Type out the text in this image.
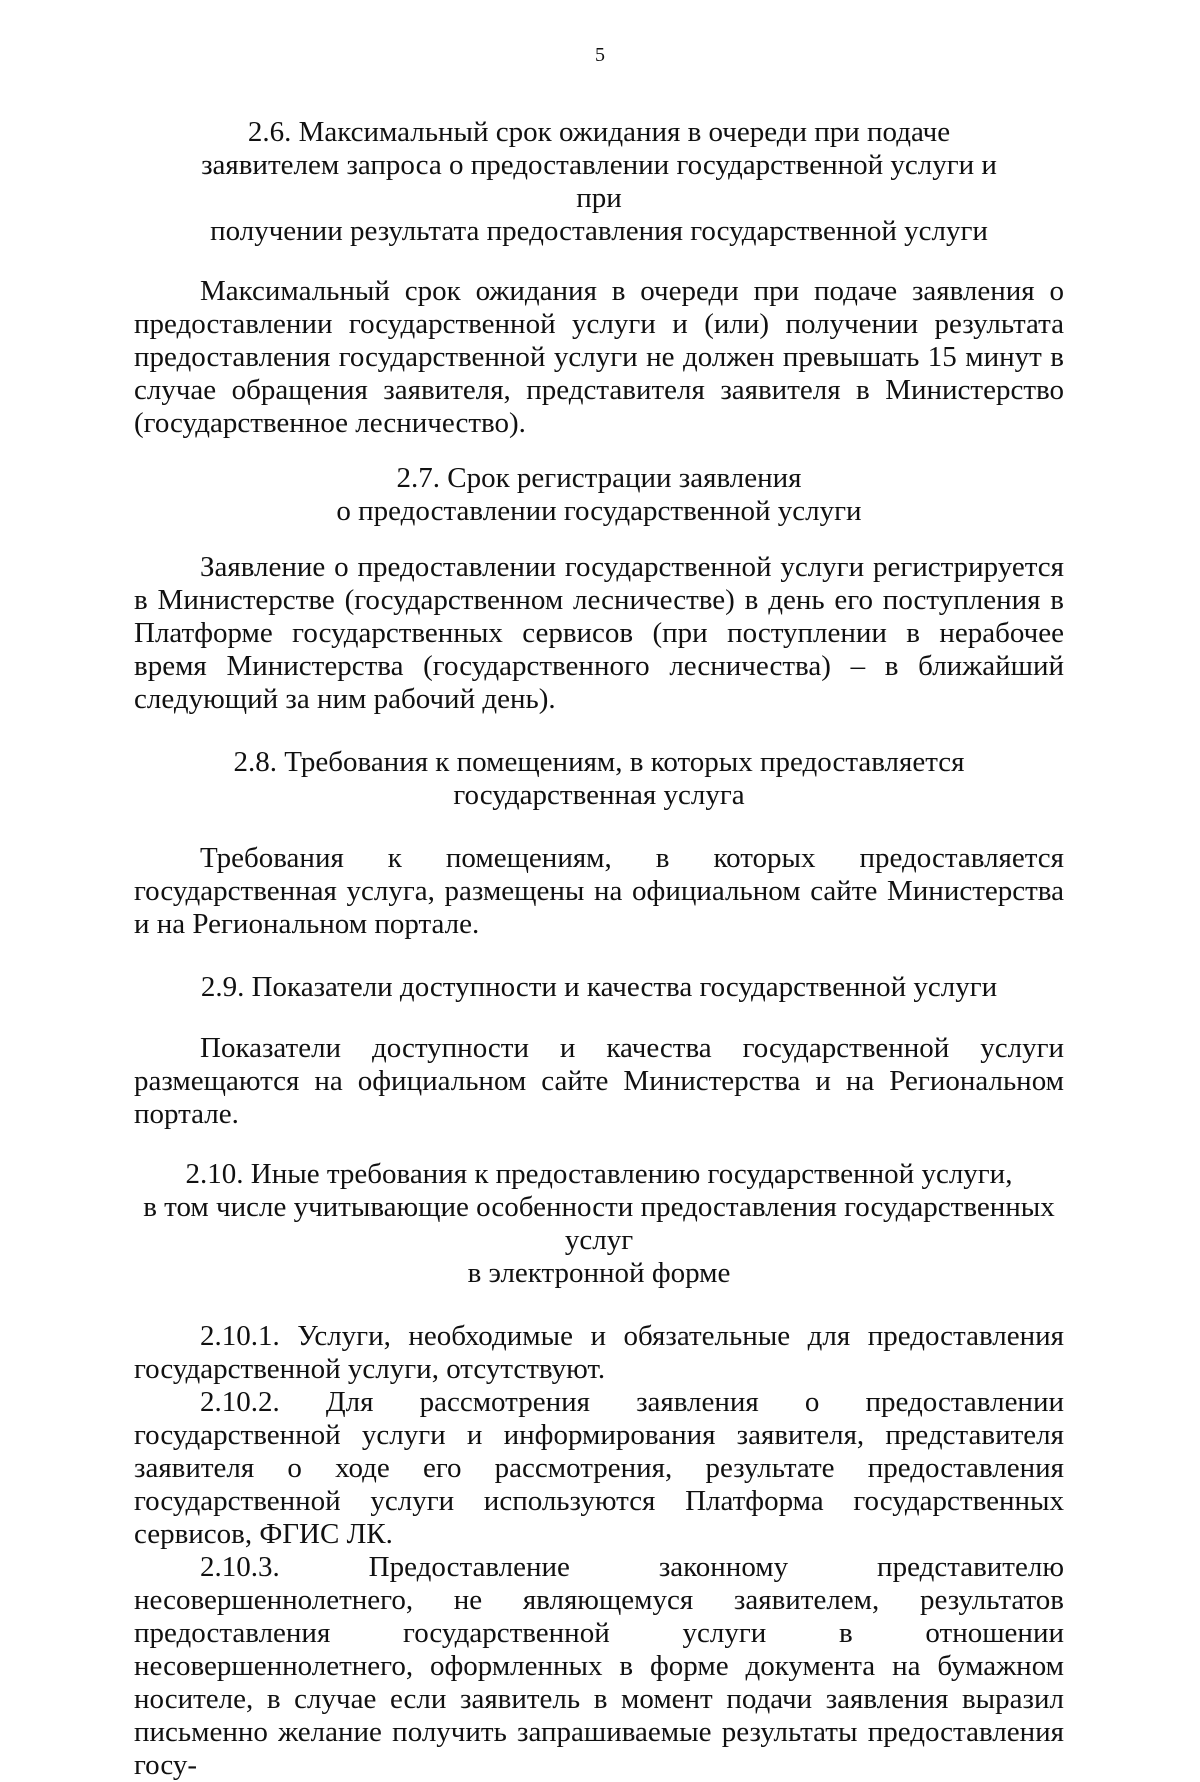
5
2.6. Максимальный срок ожидания в очереди при подаче
заявителем запроса о предоставлении государственной услуги и при
получении результата предоставления государственной услуги

Максимальный срок ожидания в очереди при подаче заявления о предоставлении государственной услуги и (или) получении результата предоставления государственной услуги не должен превышать 15 минут в случае обращения заявителя, представителя заявителя в Министерство (государственное лесничество).

2.7. Срок регистрации заявления
о предоставлении государственной услуги

Заявление о предоставлении государственной услуги регистрируется в Министерстве (государственном лесничестве) в день его поступления в Платформе государственных сервисов (при поступлении в нерабочее время Министерства (государственного лесничества) – в ближайший следующий за ним рабочий день).

2.8. Требования к помещениям, в которых предоставляется
государственная услуга

Требования к помещениям, в которых предоставляется государственная услуга, размещены на официальном сайте Министерства и на Региональном портале.

2.9. Показатели доступности и качества государственной услуги

Показатели доступности и качества государственной услуги размещаются на официальном сайте Министерства и на Региональном портале.

2.10. Иные требования к предоставлению государственной услуги,
в том числе учитывающие особенности предоставления государственных услуг
в электронной форме

2.10.1. Услуги, необходимые и обязательные для предоставления государственной услуги, отсутствуют.

2.10.2. Для рассмотрения заявления о предоставлении государственной услуги и информирования заявителя, представителя заявителя о ходе его рассмотрения, результате предоставления государственной услуги используются Платформа государственных сервисов, ФГИС ЛК.

2.10.3. Предоставление законному представителю несовершеннолетнего, не являющемуся заявителем, результатов предоставления государственной услуги в отношении несовершеннолетнего, оформленных в форме документа на бумажном носителе, в случае если заявитель в момент подачи заявления выразил письменно желание получить запрашиваемые результаты предоставления госу-
